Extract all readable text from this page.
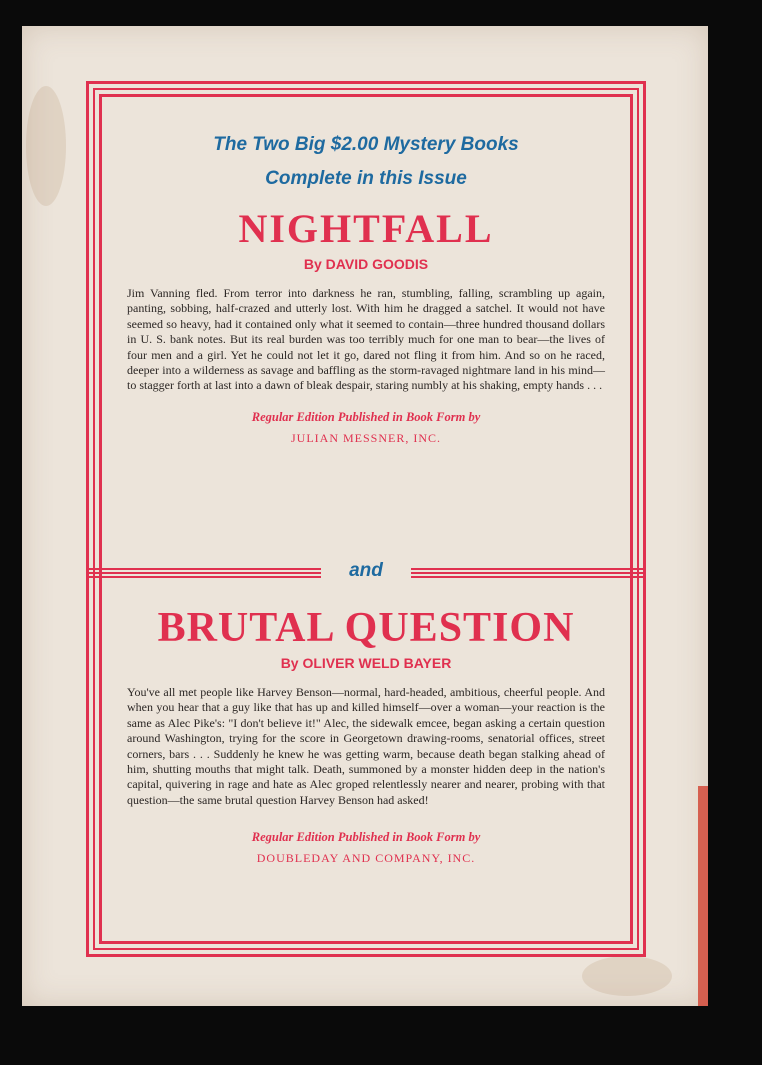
The Two Big $2.00 Mystery Books
Complete in this Issue
NIGHTFALL
By DAVID GOODIS
Jim Vanning fled. From terror into darkness he ran, stumbling, falling, scrambling up again, panting, sobbing, half-crazed and utterly lost. With him he dragged a satchel. It would not have seemed so heavy, had it contained only what it seemed to contain—three hundred thousand dollars in U. S. bank notes. But its real burden was too terribly much for one man to bear—the lives of four men and a girl. Yet he could not let it go, dared not fling it from him. And so on he raced, deeper into a wilderness as savage and baffling as the storm-ravaged nightmare land in his mind—to stagger forth at last into a dawn of bleak despair, staring numbly at his shaking, empty hands . . .
Regular Edition Published in Book Form by
JULIAN MESSNER, INC.
and
BRUTAL QUESTION
By OLIVER WELD BAYER
You've all met people like Harvey Benson—normal, hard-headed, ambitious, cheerful people. And when you hear that a guy like that has up and killed himself—over a woman—your reaction is the same as Alec Pike's: "I don't believe it!" Alec, the sidewalk emcee, began asking a certain question around Washington, trying for the score in Georgetown drawing-rooms, senatorial offices, street corners, bars . . . Suddenly he knew he was getting warm, because death began stalking ahead of him, shutting mouths that might talk. Death, summoned by a monster hidden deep in the nation's capital, quivering in rage and hate as Alec groped relentlessly nearer and nearer, probing with that question—the same brutal question Harvey Benson had asked!
Regular Edition Published in Book Form by
DOUBLEDAY AND COMPANY, INC.
